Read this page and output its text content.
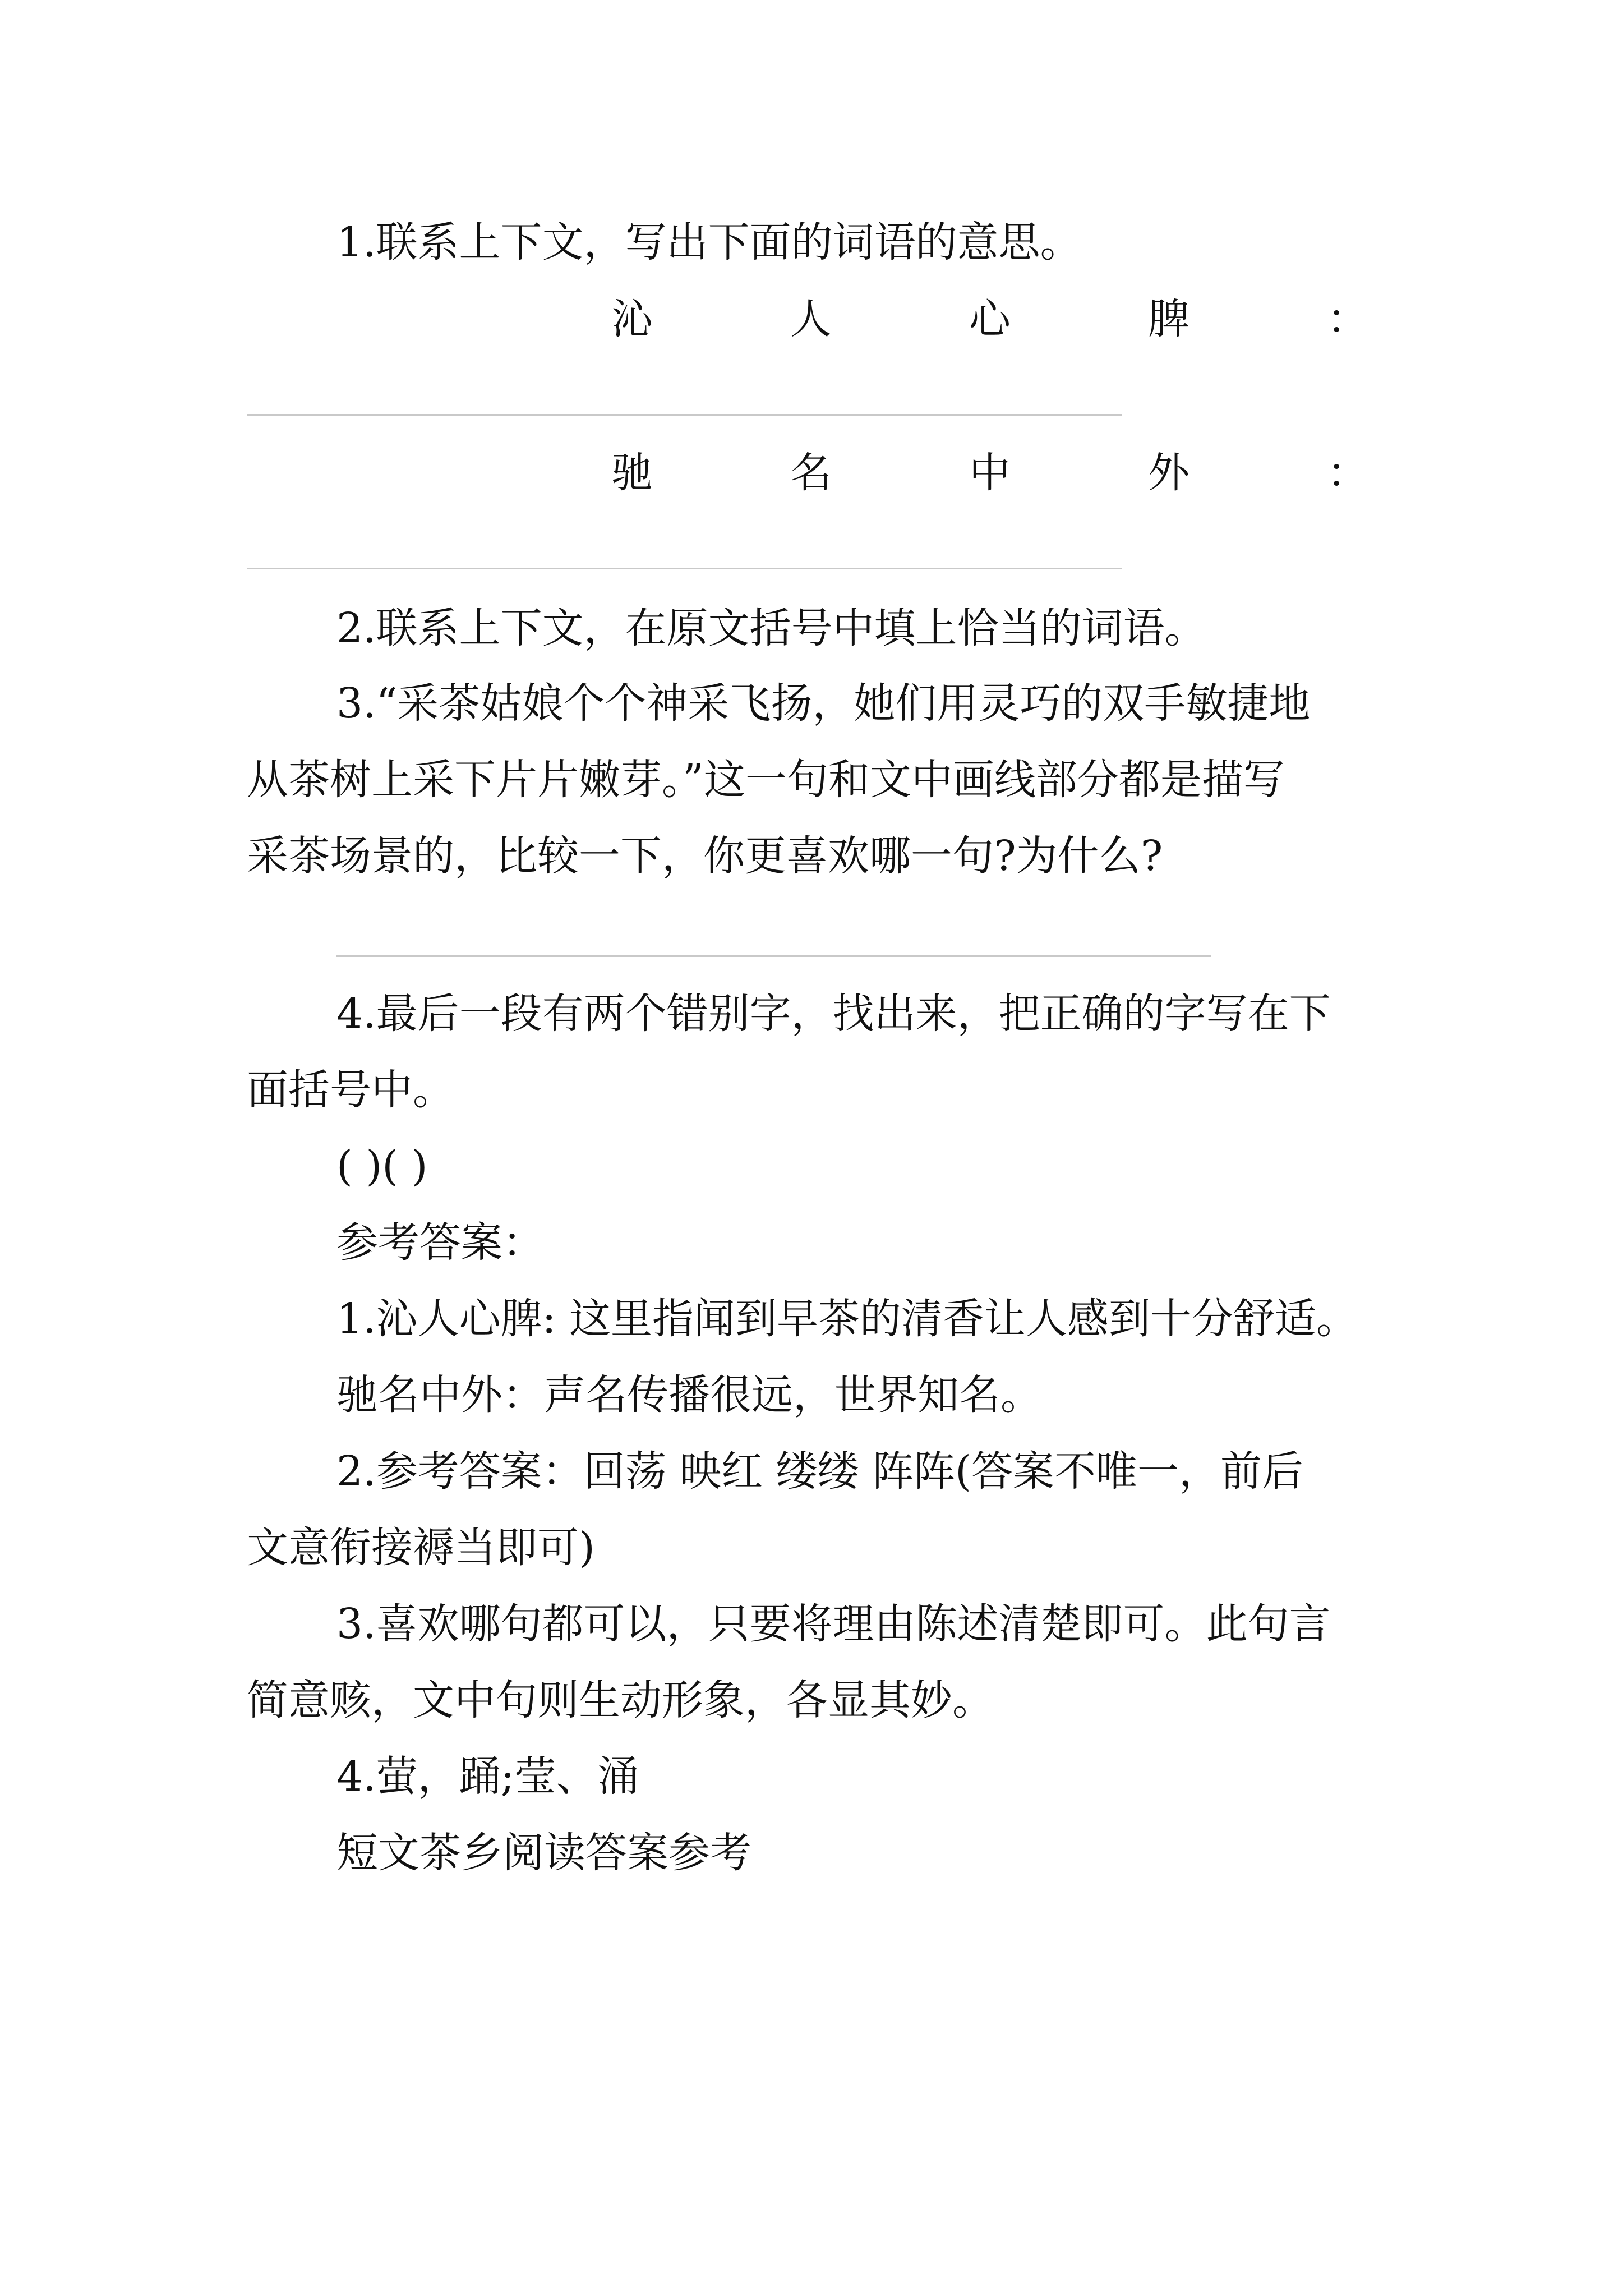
1.联系上下文，写出下面的词语的意思。
沁	人	心	脾	：
驰	名	中	外	：
2.联系上下文，在原文括号中填上恰当的词语。
3.“采茶姑娘个个神采飞扬，她们用灵巧的双手敏捷地
从茶树上采下片片嫩芽。”这一句和文中画线部分都是描写
采茶场景的，比较一下，你更喜欢哪一句?为什么?
4.最后一段有两个错别字，找出来，把正确的字写在下
面括号中。
( )( )
参考答案：
1.沁人心脾: 这里指闻到早茶的清香让人感到十分舒适。
驰名中外：声名传播很远，世界知名。
2.参考答案：回荡 映红 缕缕 阵阵(答案不唯一，前后
文意衔接褥当即可)
3.喜欢哪句都可以，只要将理由陈述清楚即可。此句言
简意赅，文中句则生动形象，各显其妙。
4.萤，踊;莹、涌
短文茶乡阅读答案参考
